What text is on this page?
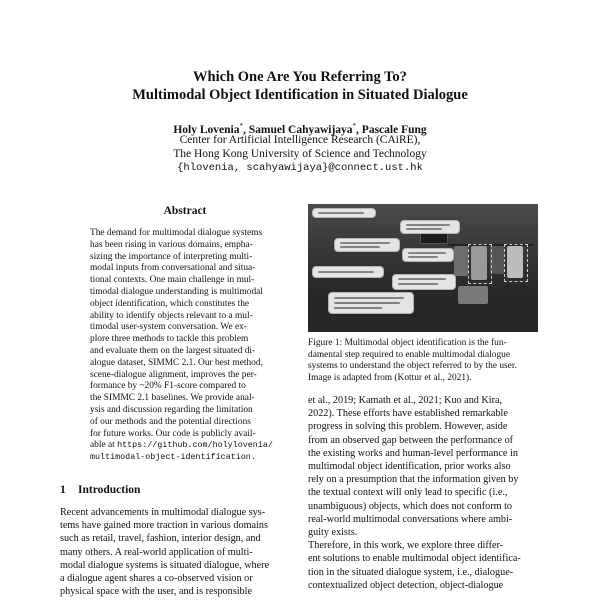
Which One Are You Referring To?
Multimodal Object Identification in Situated Dialogue
Holy Lovenia*, Samuel Cahyawijaya*, Pascale Fung
Center for Artificial Intelligence Research (CAiRE),
The Hong Kong University of Science and Technology
{hlovenia, scahyawijaya}@connect.ust.hk
Abstract
The demand for multimodal dialogue systems
has been rising in various domains, empha-
sizing the importance of interpreting multi-
modal inputs from conversational and situa-
tional contexts. One main challenge in mul-
timodal dialogue understanding is multimodal
object identification, which constitutes the
ability to identify objects relevant to a mul-
timodal user-system conversation. We ex-
plore three methods to tackle this problem
and evaluate them on the largest situated di-
alogue dataset, SIMMC 2.1. Our best method,
scene-dialogue alignment, improves the per-
formance by ~20% F1-score compared to
the SIMMC 2.1 baselines. We provide anal-
ysis and discussion regarding the limitation
of our methods and the potential directions
for future works. Our code is publicly avail-
able at https://github.com/holylovenia/
multimodal-object-identification.
1 Introduction
Recent advancements in multimodal dialogue sys-
tems have gained more traction in various domains
such as retail, travel, fashion, interior design, and
many others. A real-world application of multi-
modal dialogue systems is situated dialogue, where
a dialogue agent shares a co-observed vision or
physical space with the user, and is responsible
Figure 1: Multimodal object identification is the fun-
damental step required to enable multimodal dialogue
systems to understand the object referred to by the user.
Image is adapted from (Kottur et al., 2021).
et al., 2019; Kamath et al., 2021; Kuo and Kira,
2022). These efforts have established remarkable
progress in solving this problem. However, aside
from an observed gap between the performance of
the existing works and human-level performance in
multimodal object identification, prior works also
rely on a presumption that the information given by
the textual context will only lead to specific (i.e.,
unambiguous) objects, which does not conform to
real-world multimodal conversations where ambi-
guity exists.
Therefore, in this work, we explore three differ-
ent solutions to enable multimodal object identifica-
tion in the situated dialogue system, i.e., dialogue-
contextualized object detection, object-dialogue
